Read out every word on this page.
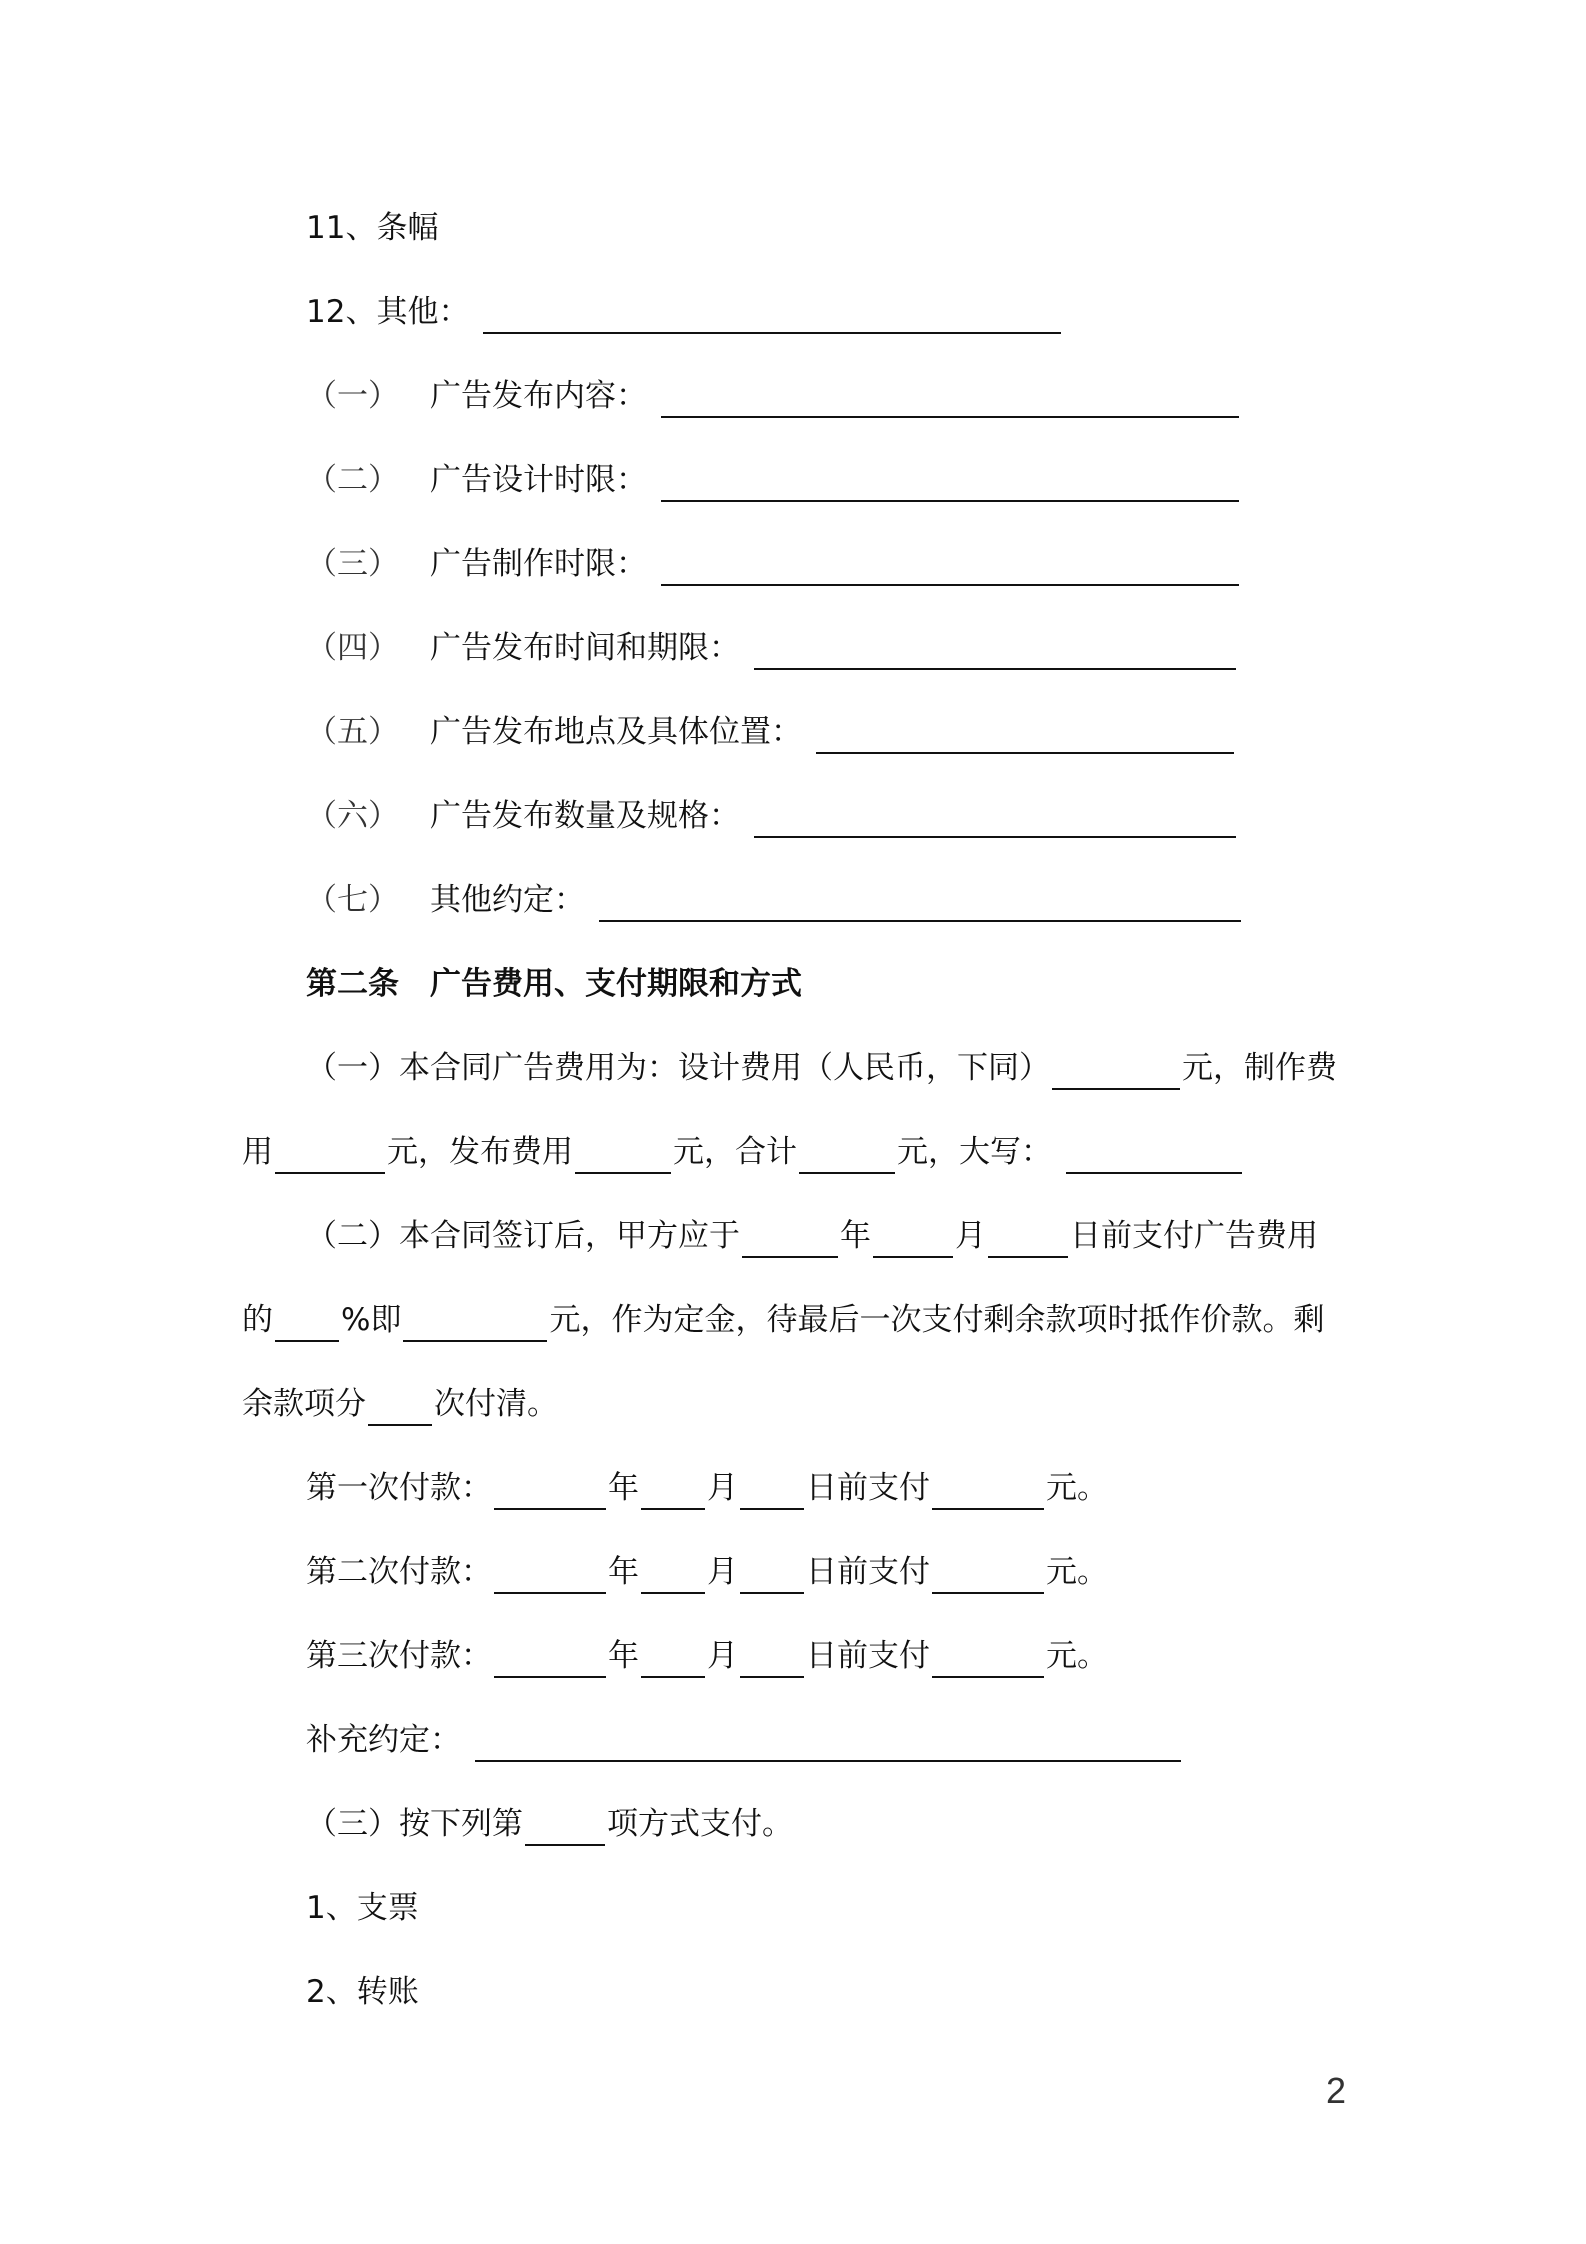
11、条幅
12、其他：
（一）	广告发布内容：
（二）	广告设计时限：
（三）	广告制作时限：
（四）	广告发布时间和期限：
（五）	广告发布地点及具体位置：
（六）	广告发布数量及规格：
（七）	其他约定：
第二条	广告费用、支付期限和方式
（一）本合同广告费用为：设计费用（人民币，下同）	元，制作费
用	元，发布费用	元，合计	元，大写：
（二）本合同签订后，甲方应于	年	月	日前支付广告费用
的 %即	元，作为定金，待最后一次支付剩余款项时抵作价款。剩
余款项分 次付清。
第一次付款：	年 月 日前支付	元。
第二次付款：	年 月 日前支付	元。
第三次付款：	年 月 日前支付	元。
补充约定：
（三）按下列第	项方式支付。
1、支票
2、转账
2
